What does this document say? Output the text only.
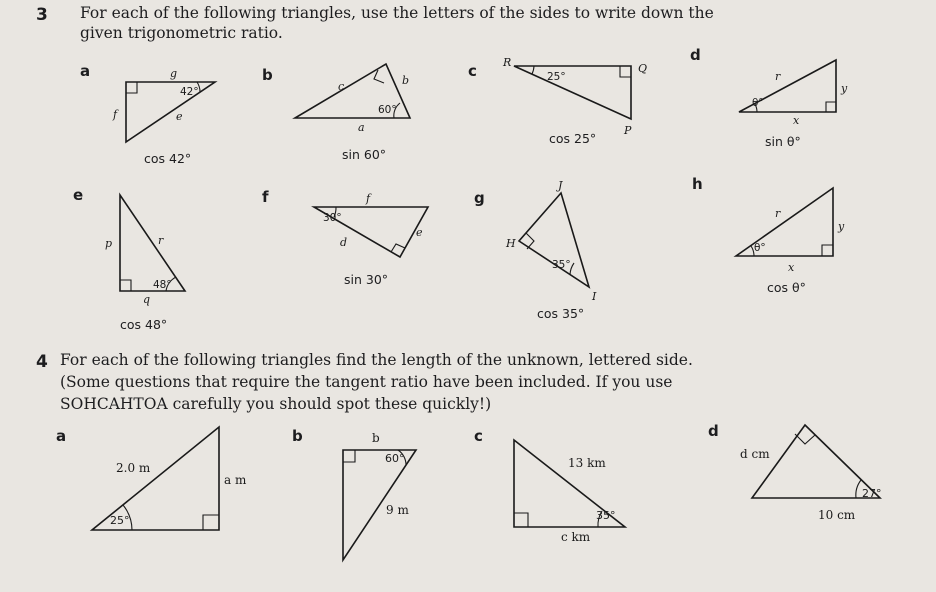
3 For each of the following triangles, use the letters of the sides to write down the
given trigonometric ratio.
a	b	c
d
e	f	g
h
cos 42°	sin 60°
cos 25°	sin θ°
cos 48°
sin 30°
cos 35°
cos θ°
4 For each of the following triangles find the length of the unknown, lettered side.
(Some questions that require the tangent ratio have been included. If you use
SOHCAHTOA carefully you should spot these quickly!)
a	b	c	d
42°
g
f	e	60°
c	b
a
25°
R	Q
P
θ°
r
y
x
48°
p	r
q
30°
f
d
e
35°
J
H
I
θ°
r
y
x
25°
2.0 m
a m
60°
b
9 m	35°
13 km
c km
27°
d cm
10 cm
